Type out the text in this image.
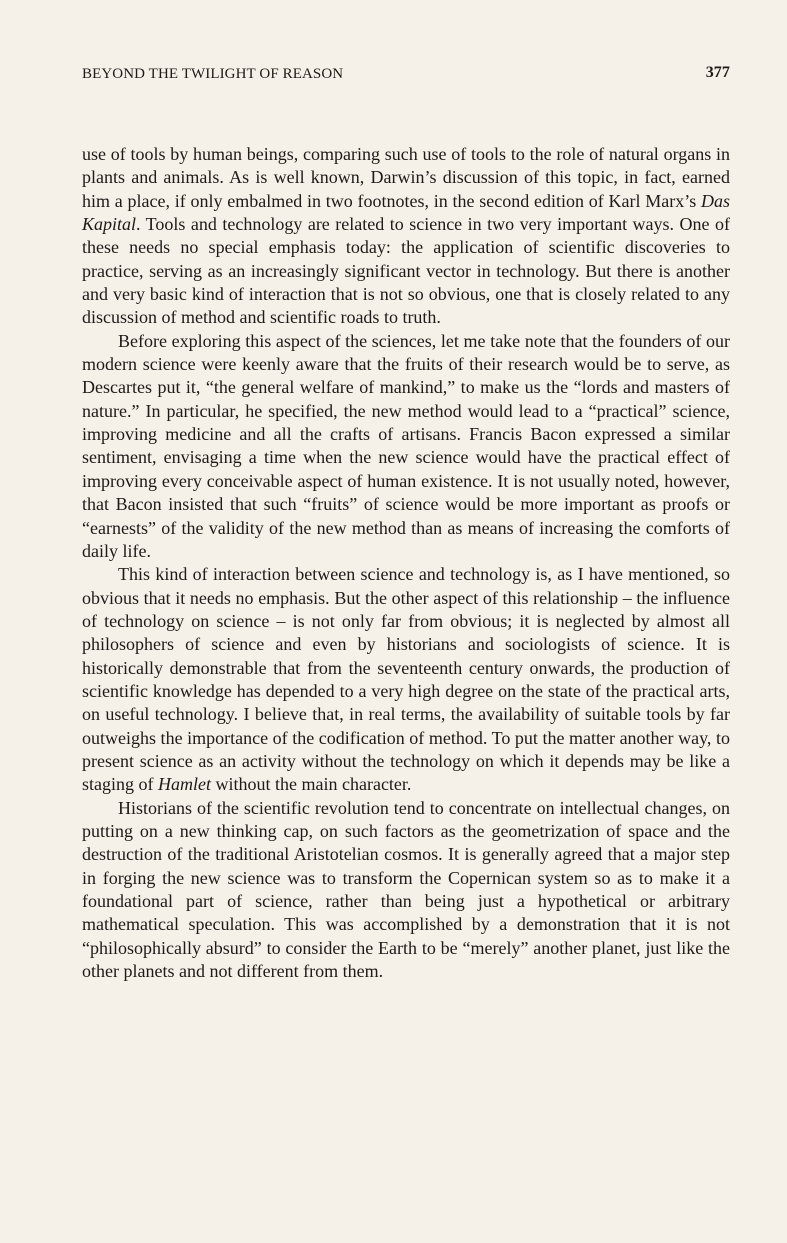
BEYOND THE TWILIGHT OF REASON	377

use of tools by human beings, comparing such use of tools to the role of natural organs in plants and animals. As is well known, Darwin’s discussion of this topic, in fact, earned him a place, if only embalmed in two footnotes, in the second edition of Karl Marx’s Das Kapital. Tools and technology are related to science in two very important ways. One of these needs no special emphasis today: the application of scientific discoveries to practice, serving as an increasingly significant vector in technology. But there is another and very basic kind of interaction that is not so obvious, one that is closely related to any discussion of method and scientific roads to truth.

Before exploring this aspect of the sciences, let me take note that the founders of our modern science were keenly aware that the fruits of their research would be to serve, as Descartes put it, “the general welfare of mankind,” to make us the “lords and masters of nature.” In particular, he specified, the new method would lead to a “practical” science, improving medicine and all the crafts of artisans. Francis Bacon expressed a similar sentiment, envisaging a time when the new science would have the practical effect of improving every conceivable aspect of human existence. It is not usually noted, however, that Bacon insisted that such “fruits” of science would be more important as proofs or “earnests” of the validity of the new method than as means of increasing the comforts of daily life.

This kind of interaction between science and technology is, as I have mentioned, so obvious that it needs no emphasis. But the other aspect of this relationship – the influence of technology on science – is not only far from obvious; it is neglected by almost all philosophers of science and even by historians and sociologists of science. It is historically demonstrable that from the seventeenth century onwards, the production of scientific knowledge has depended to a very high degree on the state of the practical arts, on useful technology. I believe that, in real terms, the availability of suitable tools by far outweighs the importance of the codification of method. To put the matter another way, to present science as an activity without the technology on which it depends may be like a staging of Hamlet without the main character.

Historians of the scientific revolution tend to concentrate on intellectual changes, on putting on a new thinking cap, on such factors as the geometrization of space and the destruction of the traditional Aristotelian cosmos. It is generally agreed that a major step in forging the new science was to transform the Copernican system so as to make it a foundational part of science, rather than being just a hypothetical or arbitrary mathematical speculation. This was accomplished by a demonstration that it is not “philosophically absurd” to consider the Earth to be “merely” another planet, just like the other planets and not different from them.
